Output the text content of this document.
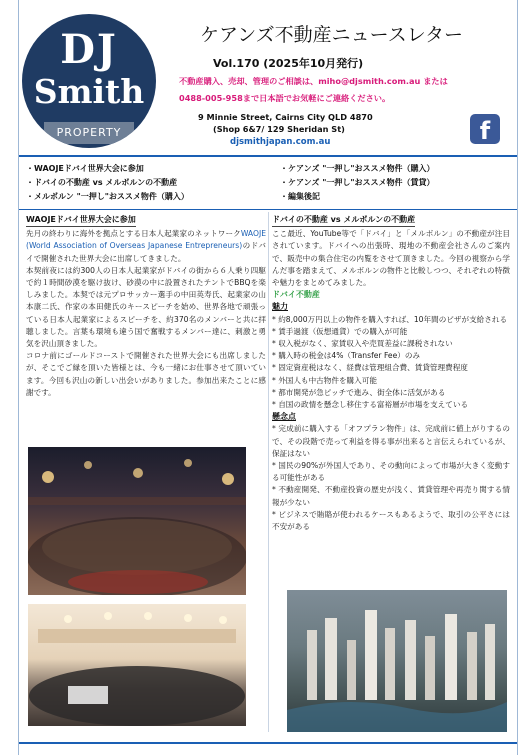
DJ
Smith
PROPERTY
ケアンズ不動産ニュースレター
Vol.170 (2025年10月発行)
不動産購入、売却、管理のご相談は、miho@djsmith.com.au または
0488-005-958まで日本語でお気軽にご連絡ください。
9 Minnie Street, Cairns City QLD 4870
(Shop 6&7/ 129 Sheridan St)
djsmithjapan.com.au	f
・WAOJEドバイ世界大会に参加
・ドバイの不動産 vs メルボルンの不動産
・メルボルン "一押し"おススメ物件（購入）
・ケアンズ "一押し"おススメ物件（購入）
・ケアンズ "一押し"おススメ物件（賃貸）
・編集後記
WAOJEドバイ世界大会に参加
先月の終わりに海外を拠点とする日本人起業家のネットワークWAOJE (World Association of Overseas Japanese Entrepreneurs)のドバイで開催された世界大会に出席してきました。
本契前夜には約300人の日本人起業家がドバイの街から６人乗り四駆で約１時間砂漠を駆け抜け、砂漠の中に設置されたテントでBBQを楽しみました。本契では元プロサッカー選手の中田英寿氏、起業家の山本康二氏、作家の本田健氏のキースピーチを始め、世界各地で頑張っている日本人起業家によるスピーチを、約370名のメンバーと共に拝聴しました。言葉も環境も違う国で奮戦するメンバー達に、刺激と勇気を沢山頂きました。
コロナ前にゴールドコーストで開催された世界大会にも出席しましたが、そこでご縁を頂いた皆様とは、今も一緒にお仕事させて頂いています。今回も沢山の新しい出会いがありました。参加出来たことに感謝です。
ドバイの不動産 vs メルボルンの不動産
ここ最近、YouTube等で「ドバイ」と「メルボルン」の不動産が注目されています。ドバイへの出張時、現地の不動産会社さんのご案内で、販売中の集合住宅の内覧をさせて頂きました。今回の視察から学んだ事を踏まえて、メルボルンの物件と比較しつつ、それぞれの特徴や魅力をまとめてみました。
ドバイ不動産
魅力
* 約8,000万円以上の物件を購入すれば、10年間のビザが支給される
* 賃手過渡（仮想通貨）での購入が可能
* 収入税がなく、家賃収入や売買差益に課税されない
* 購入時の税金は4%（Transfer Fee）のみ
* 固定資産税はなく、経費は管理組合費、賃貸管理費程度
* 外国人も中古物件を購入可能
* 都市開発が急ピッチで進み、街全体に活気がある
* 自国の政情を懸念し移住する富裕層が市場を支えている
懸念点
* 完成前に購入する「オフプラン物件」は、完成前に値上がりするので、その段階で売って利益を得る事が出来ると言伝えられているが、保証はない
* 国民の90%が外国人であり、その動向によって市場が大きく変動する可能性がある
* 不動産開発、不動産投資の歴史が浅く、賃貸管理や再売り関する情報が少ない
* ビジネスで賄賂が使われるケースもあるようで、取引の公平さには不安がある
